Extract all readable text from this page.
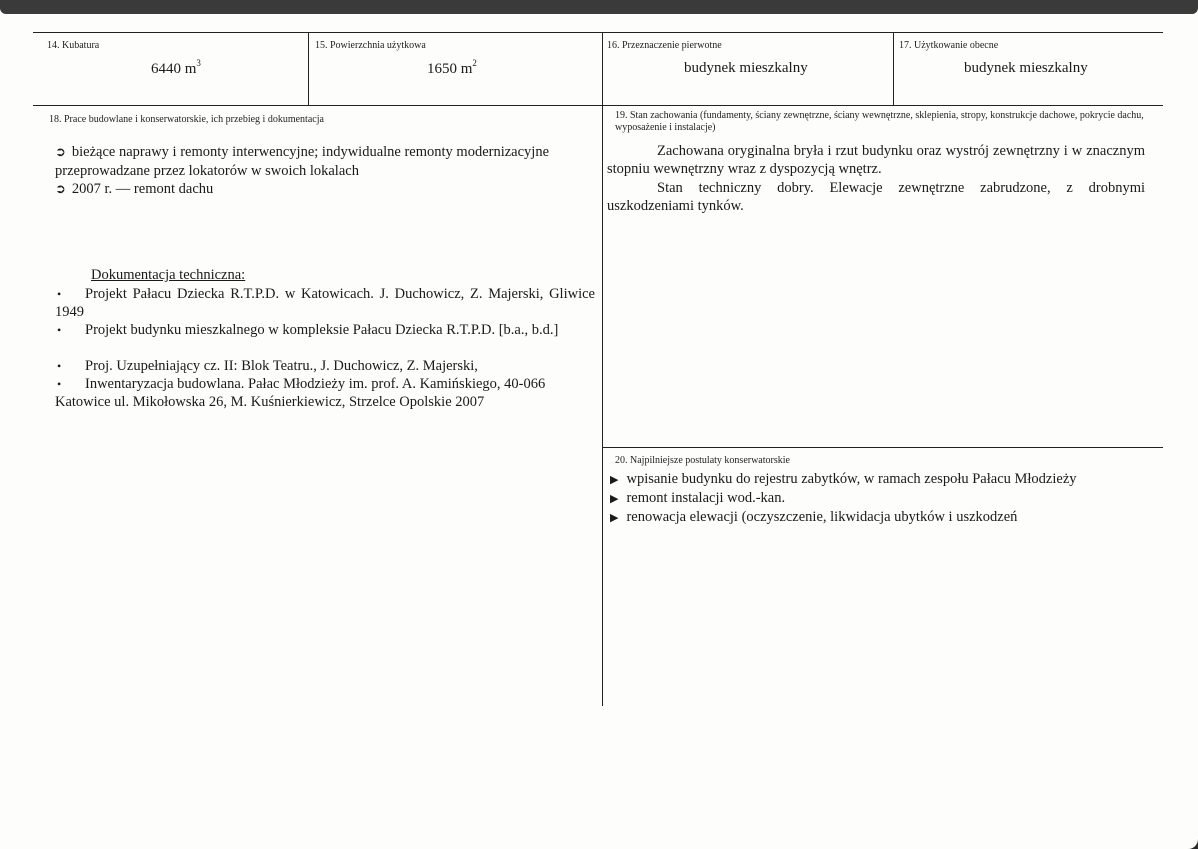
14. Kubatura
6440 $m^3$
15. Powierzchnia użytkowa
1650 $m^2$
16. Przeznaczenie pierwotne
budynek mieszkalny
17. Użytkowanie obecne
budynek mieszkalny
18. Prace budowlane i konserwatorskie, ich przebieg i dokumentacja
➲ bieżące naprawy i remonty interwencyjne; indywidualne remonty modernizacyjne przeprowadzane przez lokatorów w swoich lokalach
➲ 2007 r. — remont dachu
Dokumentacja techniczna:
• Projekt Pałacu Dziecka R.T.P.D. w Katowicach. J. Duchowicz, Z. Majerski, Gliwice 1949
• Projekt budynku mieszkalnego w kompleksie Pałacu Dziecka R.T.P.D. [b.a., b.d.]
• Proj. Uzupełniający cz. II: Blok Teatru., J. Duchowicz, Z. Majerski,
• Inwentaryzacja budowlana. Pałac Młodzieży im. prof. A. Kamińskiego, 40-066 Katowice ul. Mikołowska 26, M. Kuśnierkiewicz, Strzelce Opolskie 2007
19. Stan zachowania (fundamenty, ściany zewnętrzne, ściany wewnętrzne, sklepienia, stropy, konstrukcje dachowe, pokrycie dachu, wyposażenie i instalacje)
Zachowana oryginalna bryła i rzut budynku oraz wystrój zewnętrzny i w znacznym stopniu wewnętrzny wraz z dyspozycją wnętrz.
Stan techniczny dobry. Elewacje zewnętrzne zabrudzone, z drobnymi uszkodzeniami tynków.
20. Najpilniejsze postulaty konserwatorskie
▶ wpisanie budynku do rejestru zabytków, w ramach zespołu Pałacu Młodzieży
▶ remont instalacji wod.-kan.
▶ renowacja elewacji (oczyszczenie, likwidacja ubytków i uszkodzeń
